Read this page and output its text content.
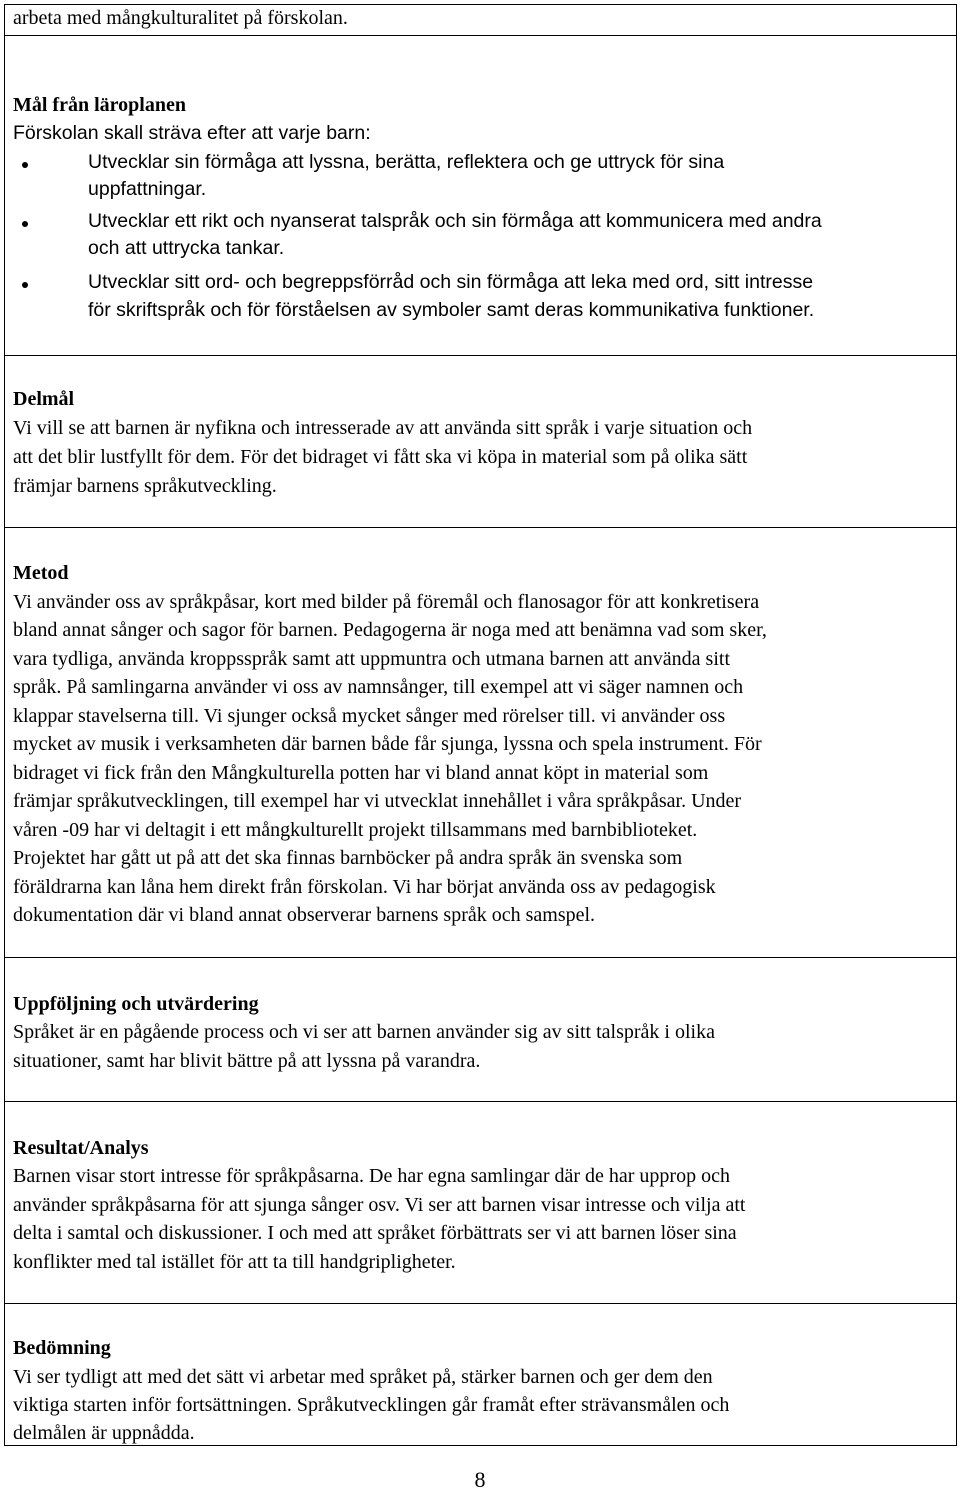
arbeta med mångkulturalitet på förskolan.
Mål från läroplanen
Förskolan skall sträva efter att varje barn:
Utvecklar sin förmåga att lyssna, berätta, reflektera och ge uttryck för sina
uppfattningar.
Utvecklar ett rikt och nyanserat talspråk och sin förmåga att kommunicera med andra
och att uttrycka tankar.
Utvecklar sitt ord- och begreppsförråd och sin förmåga att leka med ord, sitt intresse
för skriftspråk och för förståelsen av symboler samt deras kommunikativa funktioner.
Delmål
Vi vill se att barnen är nyfikna och intresserade av att använda sitt språk i varje situation och
att det blir lustfyllt för dem. För det bidraget vi fått ska vi köpa in material som på olika sätt
främjar barnens språkutveckling.
Metod
Vi använder oss av språkpåsar, kort med bilder på föremål och flanosagor för att konkretisera
bland annat sånger och sagor för barnen. Pedagogerna är noga med att benämna vad som sker,
vara tydliga, använda kroppsspråk samt att uppmuntra och utmana barnen att använda sitt
språk. På samlingarna använder vi oss av namnsånger, till exempel att vi säger namnen och
klappar stavelserna till. Vi sjunger också mycket sånger med rörelser till. vi använder oss
mycket av musik i verksamheten där barnen både får sjunga, lyssna och spela instrument. För
bidraget vi fick från den Mångkulturella potten har vi bland annat köpt in material som
främjar språkutvecklingen, till exempel har vi utvecklat innehållet i våra språkpåsar. Under
våren -09 har vi deltagit i ett mångkulturellt projekt tillsammans med barnbiblioteket.
Projektet har gått ut på att det ska finnas barnböcker på andra språk än svenska som
föräldrarna kan låna hem direkt från förskolan. Vi har börjat använda oss av pedagogisk
dokumentation där vi bland annat observerar barnens språk och samspel.
Uppföljning och utvärdering
Språket är en pågående process och vi ser att barnen använder sig av sitt talspråk i olika
situationer, samt har blivit bättre på att lyssna på varandra.
Resultat/Analys
Barnen visar stort intresse för språkpåsarna. De har egna samlingar där de har upprop och
använder språkpåsarna för att sjunga sånger osv. Vi ser att barnen visar intresse och vilja att
delta i samtal och diskussioner. I och med att språket förbättrats ser vi att barnen löser sina
konflikter med tal istället för att ta till handgripligheter.
Bedömning
Vi ser tydligt att med det sätt vi arbetar med språket på, stärker barnen och ger dem den
viktiga starten inför fortsättningen. Språkutvecklingen går framåt efter strävansmålen och
delmålen är uppnådda.
8
